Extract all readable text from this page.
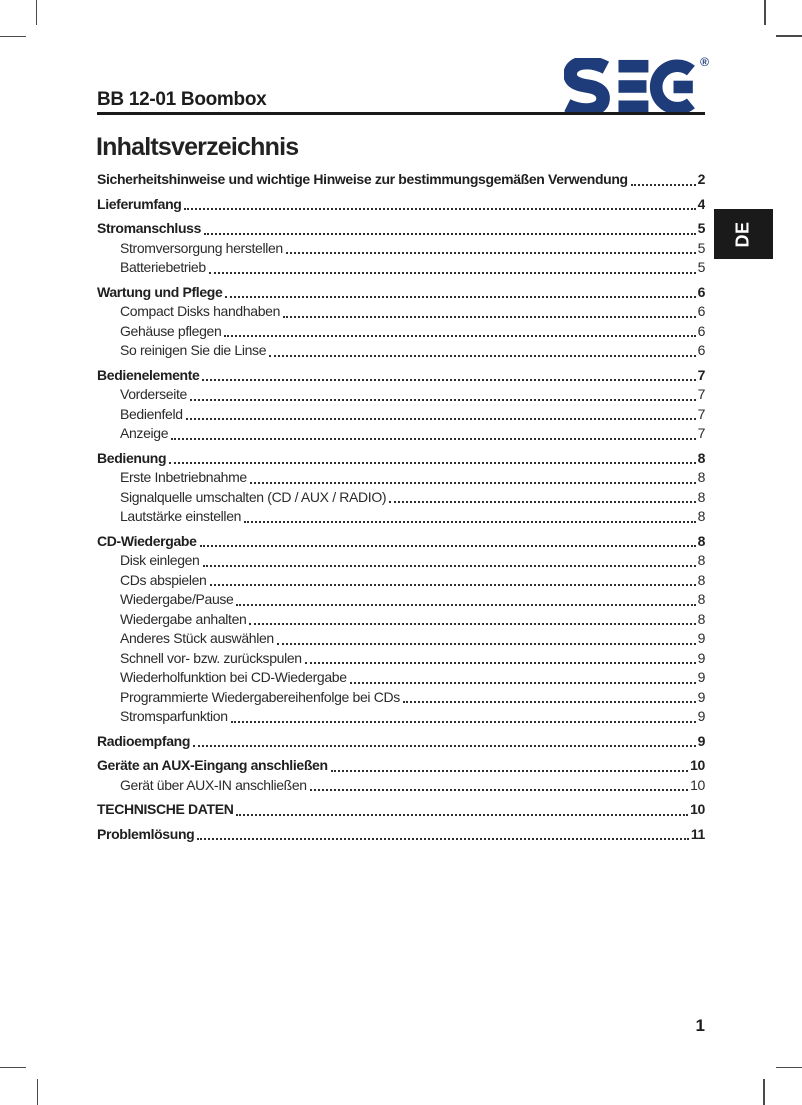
BB 12-01 Boombox
®
DE
Inhaltsverzeichnis
Sicherheitshinweise und wichtige Hinweise zur bestimmungsgemäßen Verwendung	2
Lieferumfang	4
Stromanschluss	5
Stromversorgung herstellen	5
Batteriebetrieb	5
Wartung und Pflege	6
Compact Disks handhaben	6
Gehäuse pflegen	6
So reinigen Sie die Linse	6
Bedienelemente	7
Vorderseite	7
Bedienfeld	7
Anzeige	7
Bedienung	8
Erste Inbetriebnahme	8
Signalquelle umschalten (CD / AUX / RADIO)	8
Lautstärke einstellen	8
CD-Wiedergabe	8
Disk einlegen	8
CDs abspielen	8
Wiedergabe/Pause	8
Wiedergabe anhalten	8
Anderes Stück auswählen	9
Schnell vor- bzw. zurückspulen	9
Wiederholfunktion bei CD-Wiedergabe	9
Programmierte Wiedergabereihenfolge bei CDs	9
Stromsparfunktion	9
Radioempfang	9
Geräte an AUX-Eingang anschließen	10
Gerät über AUX-IN anschließen	10
TECHNISCHE DATEN	10
Problemlösung	11
1
